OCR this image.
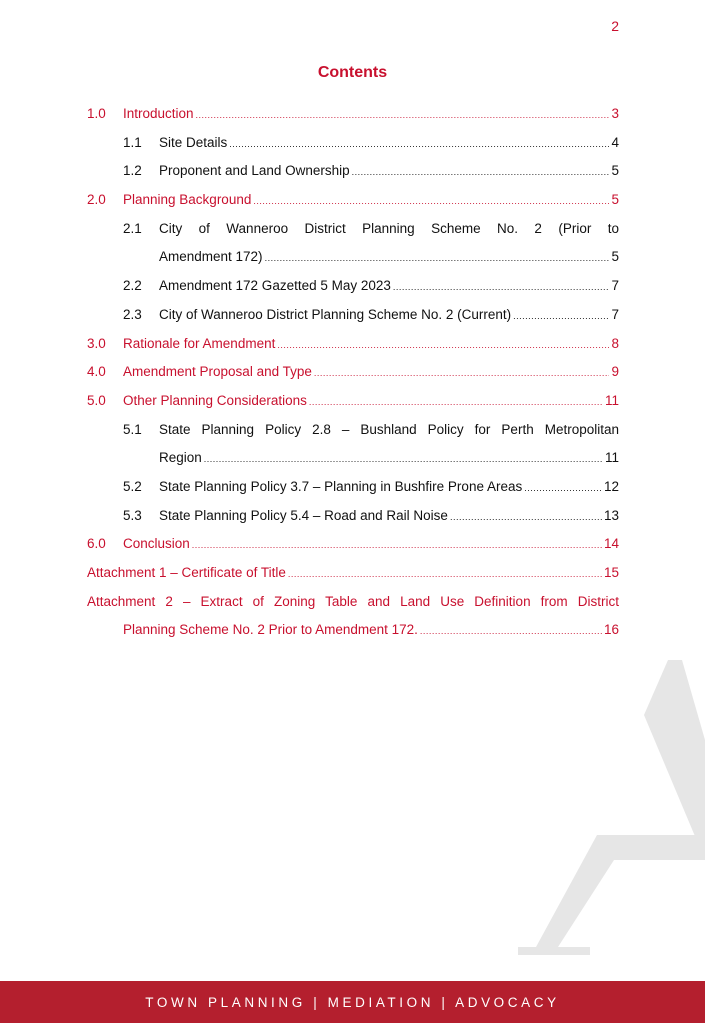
2
Contents
1.0	Introduction .....	3
1.1	Site Details .....	4
1.2	Proponent and Land Ownership .....	5
2.0	Planning Background .....	5
2.1	City of Wanneroo District Planning Scheme No. 2 (Prior to
Amendment 172) .....	5
2.2	Amendment 172 Gazetted 5 May 2023 .....	7
2.3	City of Wanneroo District Planning Scheme No. 2 (Current) .....	7
3.0	Rationale for Amendment .....	8
4.0	Amendment Proposal and Type .....	9
5.0	Other Planning Considerations .....	11
5.1	State Planning Policy 2.8 – Bushland Policy for Perth Metropolitan
Region .....	11
5.2	State Planning Policy 3.7 – Planning in Bushfire Prone Areas .....	12
5.3	State Planning Policy 5.4 – Road and Rail Noise .....	13
6.0	Conclusion .....	14
Attachment 1 – Certificate of Title .....	15
Attachment 2 – Extract of Zoning Table and Land Use Definition from District
Planning Scheme No. 2 Prior to Amendment 172. .....	16
TOWN PLANNING | MEDIATION | ADVOCACY
